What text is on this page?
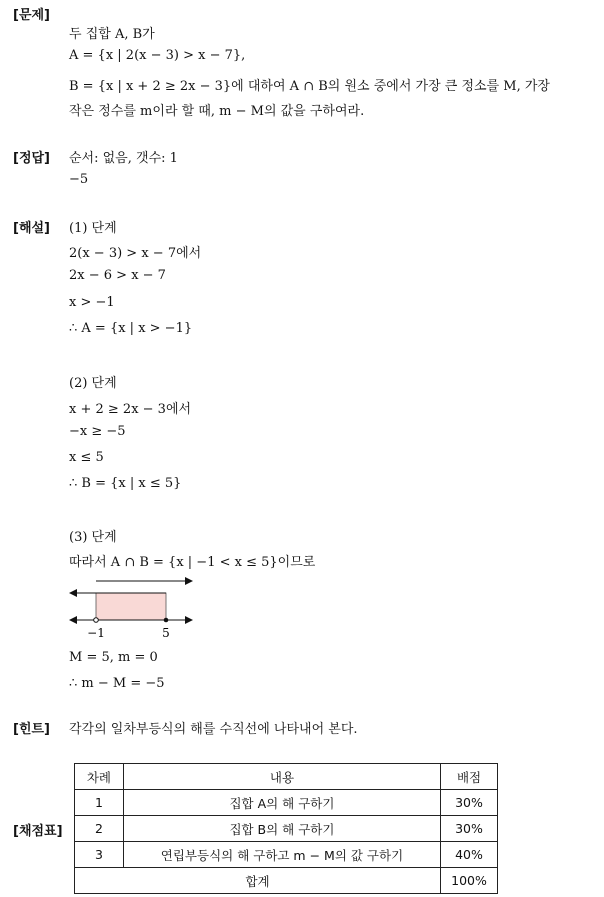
[문제]
[정답]
[해설]
[힌트]
[채점표]
두 집합 A, B가
A = {x | 2(x − 3) > x − 7},
B = {x | x + 2 ≥ 2x − 3}에 대하여 A ∩ B의 원소 중에서 가장 큰 정소를 M, 가장
작은 정수를 m이라 할 때, m − M의 값을 구하여라.
순서: 없음, 갯수: 1
−5
(1) 단계
2(x − 3) > x − 7에서
2x − 6 > x − 7
x > −1
∴ A = {x | x > −1}
(2) 단계
x + 2 ≥ 2x − 3에서
−x ≥ −5
x ≤ 5
∴ B = {x | x ≤ 5}
(3) 단계
따라서 A ∩ B = {x | −1 < x ≤ 5}이므로
−1	5
M = 5, m = 0
∴ m − M = −5
각각의 일차부등식의 해를 수직선에 나타내어 본다.
차례	내용	배점
1	집합 A의 해 구하기	30%
2	집합 B의 해 구하기	30%
3	연립부등식의 해 구하고 m − M의 값 구하기	40%
합계		100%
